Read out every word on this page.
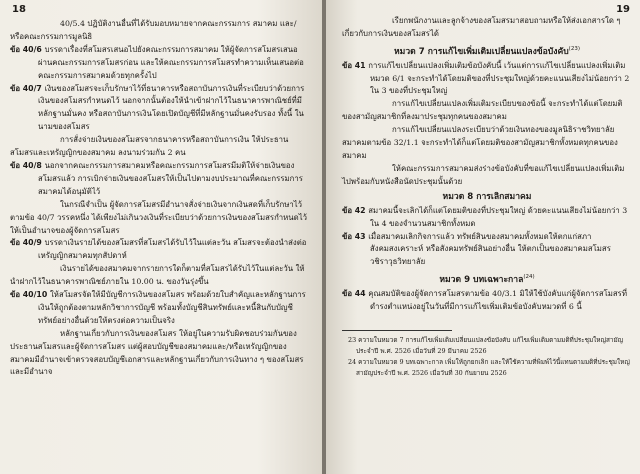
18

40/5.4 ปฏิบัติงานอื่นที่ได้รับมอบหมายจากคณะกรรมการ สมาคม และ/หรือคณะกรรมการมูลนิธิ

ข้อ 40/6 บรรดาเรื่องที่สโมสรเสนอไปยังคณะกรรมการสมาคม ให้ผู้จัดการสโมสรเสนอผ่านคณะกรรมการสโมสรก่อน และให้คณะกรรมการสโมสรทำความเห็นเสนอต่อคณะกรรมการสมาคมด้วยทุกครั้งไป

ข้อ 40/7 เงินของสโมสรจะเก็บรักษาไว้ที่ธนาคารหรือสถาบันการเงินที่ระเบียบว่าด้วยการเงินของสโมสรกำหนดไว้ นอกจากนั้นต้องให้นำเข้าฝากไว้ในธนาคารพาณิชย์ที่มีหลักฐานมั่นคง หรือสถาบันการเงินโดยเปิดบัญชีที่มีหลักฐานมั่นคงรับรอง ทั้งนี้ ในนามของสโมสร

การสั่งจ่ายเงินของสโมสรจากธนาคารหรือสถาบันการเงิน ให้ประธานสโมสรและเหรัญญิกของสมาคม ลงนามร่วมกัน 2 คน

ข้อ 40/8 นอกจากคณะกรรมการสมาคมหรือคณะกรรมการสโมสรมีมติให้จ่ายเงินของสโมสรแล้ว การเบิกจ่ายเงินของสโมสรให้เป็นไปตามงบประมาณที่คณะกรรมการสมาคมได้อนุมัติไว้

ในกรณีจำเป็น ผู้จัดการสโมสรมีอำนาจสั่งจ่ายเงินจากเงินสดที่เก็บรักษาไว้ตามข้อ 40/7 วรรคหนึ่ง ได้เพียงไม่เกินวงเงินที่ระเบียบว่าด้วยการเงินของสโมสรกำหนดไว้ให้เป็นอำนาจของผู้จัดการสโมสร

ข้อ 40/9 บรรดาเงินรายได้ของสโมสรที่สโมสรได้รับไว้ในแต่ละวัน สโมสรจะต้องนำส่งต่อเหรัญญิกสมาคมทุกสัปดาห์

เงินรายได้ของสมาคมจากรายการใดก็ตามที่สโมสรได้รับไว้ในแต่ละวัน ให้นำฝากไว้ในธนาคารพาณิชย์ภายใน 10.00 น. ของวันรุ่งขึ้น

ข้อ 40/10 ให้สโมสรจัดให้มีบัญชีการเงินของสโมสร พร้อมด้วยใบสำคัญและหลักฐานการเงินให้ถูกต้องตามหลักวิชาการบัญชี พร้อมทั้งบัญชีสินทรัพย์และหนี้สินกับบัญชีทรัพย์อย่างอื่นด้วยให้ตรงต่อความเป็นจริง

หลักฐานเกี่ยวกับการเงินของสโมสร ให้อยู่ในความรับผิดชอบร่วมกันของประธานสโมสรและผู้จัดการสโมสร แต่ผู้สอบบัญชีของสมาคมและ/หรือเหรัญญิกของสมาคมมีอำนาจเข้าตรวจสอบบัญชีเอกสารและหลักฐานเกี่ยวกับการเงินทาง ๆ ของสโมสร และมีอำนาจ

19

เรียกพนักงานและลูกจ้างของสโมสรมาสอบถามหรือให้ส่งเอกสารใด ๆ เกี่ยวกับการเงินของสโมสรได้

หมวด 7 การแก้ไขเพิ่มเติมเปลี่ยนแปลงข้อบังคับ$^{(23)}$

ข้อ 41 การแก้ไขเปลี่ยนแปลงเพิ่มเติมข้อบังคับนี้ เว้นแต่การแก้ไขเปลี่ยนแปลงเพิ่มเติมหมวด 6/1 จะกระทำได้โดยมติของที่ประชุมใหญ่ด้วยคะแนนเสียงไม่น้อยกว่า 2 ใน 3 ของที่ประชุมใหญ่

การแก้ไขเปลี่ยนแปลงเพิ่มเติมระเบียบของข้อนี้ จะกระทำได้แต่โดยมติของสามัญสมาชิกที่ลงมาประชุมทุกคนของสมาคม

การแก้ไขเปลี่ยนแปลงระเบียบว่าด้วยเงินทองของมูลนิธิราชวิทยาลัยสมาคมตามข้อ 32/1.1 จะกระทำได้ก็แต่โดยมติของสามัญสมาชิกทั้งหมดทุกคนของสมาคม

ให้คณะกรรมการสมาคมส่งร่างข้อบังคับที่ขอแก้ไขเปลี่ยนแปลงเพิ่มเติมไปพร้อมกับหนังสือนัดประชุมนั้นด้วย

หมวด 8 การเลิกสมาคม

ข้อ 42 สมาคมนี้จะเลิกได้ก็แต่โดยมติของที่ประชุมใหญ่ ด้วยคะแนนเสียงไม่น้อยกว่า 3 ใน 4 ของจำนวนสมาชิกทั้งหมด

ข้อ 43 เมื่อสมาคมเลิกกิจการแล้ว ทรัพย์สินของสมาคมทั้งหมดให้ตกแก่สภาสังคมสงเคราะห์ หรือสังคมทรัพย์สินอย่างอื่น ให้ตกเป็นของสมาคมสโมสรวชิราวุธวิทยาลัย

หมวด 9 บทเฉพาะกาล$^{(24)}$

ข้อ 44 คุณสมบัติของผู้จัดการสโมสรตามข้อ 40/3.1 มิให้ใช้บังคับแก่ผู้จัดการสโมสรที่ดำรงตำแหน่งอยู่ในวันที่มีการแก้ไขเพิ่มเติมข้อบังคับหมวดที่ 6 นี้

23 ความในหมวด 7 การแก้ไขเพิ่มเติมเปลี่ยนแปลงข้อบังคับ แก้ไขเพิ่มเติมตามมติที่ประชุมใหญ่สามัญประจำปี พ.ศ. 2526 เมื่อวันที่ 29 มีนาคม 2526

24 ความในหมวด 9 บทเฉพาะกาล เพิ่มให้ถูกยกเลิก และให้ใช้ความที่พิมพ์ไว้นี้แทนตามมติที่ประชุมใหญ่สามัญประจำปี พ.ศ. 2526 เมื่อวันที่ 30 กันยายน 2526
